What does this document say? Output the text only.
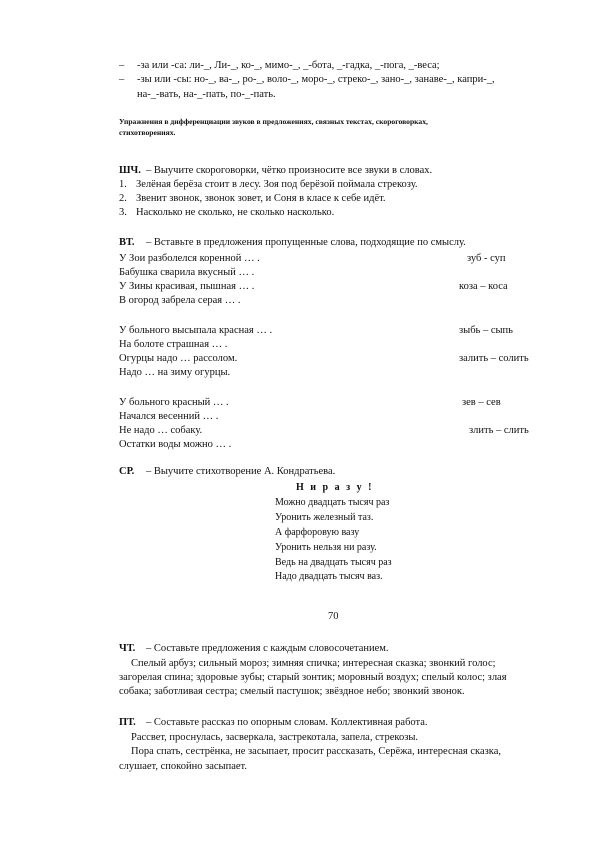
– -за или -са: ли-_, Ли-_, ко-_, мимо-_, _-бота, _-гадка, _-пога, _-веса;
– -зы или -сы: но-_, ва-_, ро-_, воло-_, моро-_, стреко-_, зано-_, занаве-_, капри-_,
на-_-вать, на-_-пать, по-_-пать.
Упражнения в дифференциации звуков в предложениях, связных текстах, скороговорках,
стихотворениях.
ШЧ. – Выучите скороговорки, чётко произносите все звуки в словах.
1. Зелёная берёза стоит в лесу. Зоя под берёзой поймала стрекозу.
2. Звенит звонок, звонок зовет, и Соня в класе к себе идёт.
3. Насколько не сколько, не сколько насколько.
ВТ. – Вставьте в предложения пропущенные слова, подходящие по смыслу.
У Зои разболелся коренной … .	зуб - суп
Бабушка сварила вкусный … .
У Зины красивая, пышная … .	коза – коса
В огород забрела серая … .
У больного высыпала красная … .	зыбь – сыпь
На болоте страшная … .
Огурцы надо … рассолом.	залить – солить
Надо … на зиму огурцы.
У больного красный … .	зев – сев
Начался весенний … .
Не надо … собаку.	злить – слить
Остатки воды можно … .
СР. – Выучите стихотворение А. Кондратьева.
Н и р а з у !
Можно двадцать тысяч раз
Уронить железный таз.
А фарфоровую вазу
Уронить нельзя ни разу.
Ведь на двадцать тысяч раз
Надо двадцать тысяч ваз.
70
ЧТ. – Составьте предложения с каждым словосочетанием.
Спелый арбуз; сильный мороз; зимняя спичка; интересная сказка; звонкий голос;
загорелая спина; здоровые зубы; старый зонтик; моровный воздух; спелый колос; злая
собака; заботливая сестра; смелый пастушок; звёздное небо; звонкий звонок.
ПТ. – Составьте рассказ по опорным словам. Коллективная работа.
Рассвет, проснулась, засверкала, застрекотала, запела, стрекозы.
Пора спать, сестрёнка, не засыпает, просит рассказать, Серёжа, интересная сказка,
слушает, спокойно засыпает.
